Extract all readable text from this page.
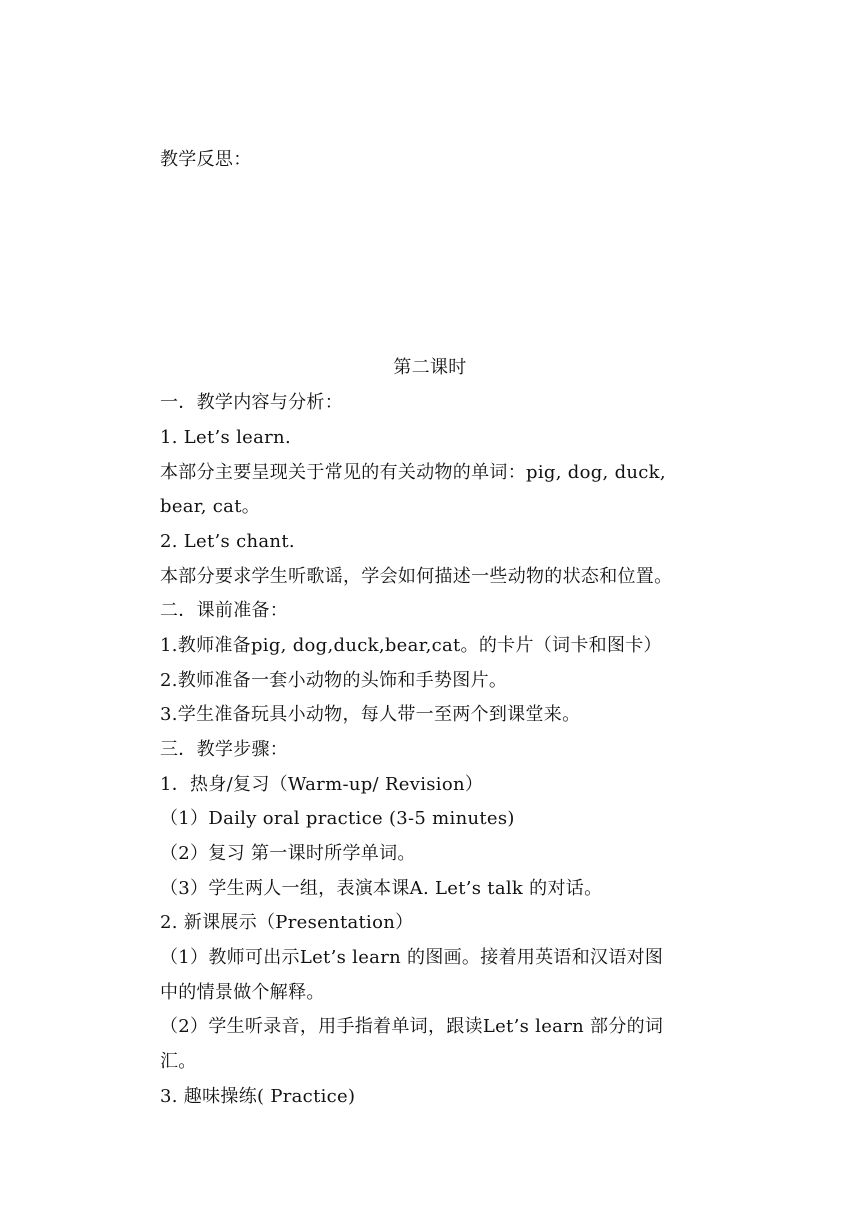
教学反思：
第二课时
一．教学内容与分析：
1. Let’s learn.
本部分主要呈现关于常见的有关动物的单词：pig, dog, duck,
bear, cat。
2. Let’s chant.
本部分要求学生听歌谣，学会如何描述一些动物的状态和位置。
二．课前准备：
1.教师准备pig, dog,duck,bear,cat。的卡片（词卡和图卡）
2.教师准备一套小动物的头饰和手势图片。
3.学生准备玩具小动物，每人带一至两个到课堂来。
三．教学步骤：
1．热身/复习（Warm-up/ Revision）
（1）Daily oral practice (3-5 minutes)
（2）复习 第一课时所学单词。
（3）学生两人一组，表演本课A. Let’s talk 的对话。
2. 新课展示（Presentation）
（1）教师可出示Let’s learn 的图画。接着用英语和汉语对图
中的情景做个解释。
（2）学生听录音，用手指着单词，跟读Let’s learn 部分的词
汇。
3. 趣味操练( Practice)
